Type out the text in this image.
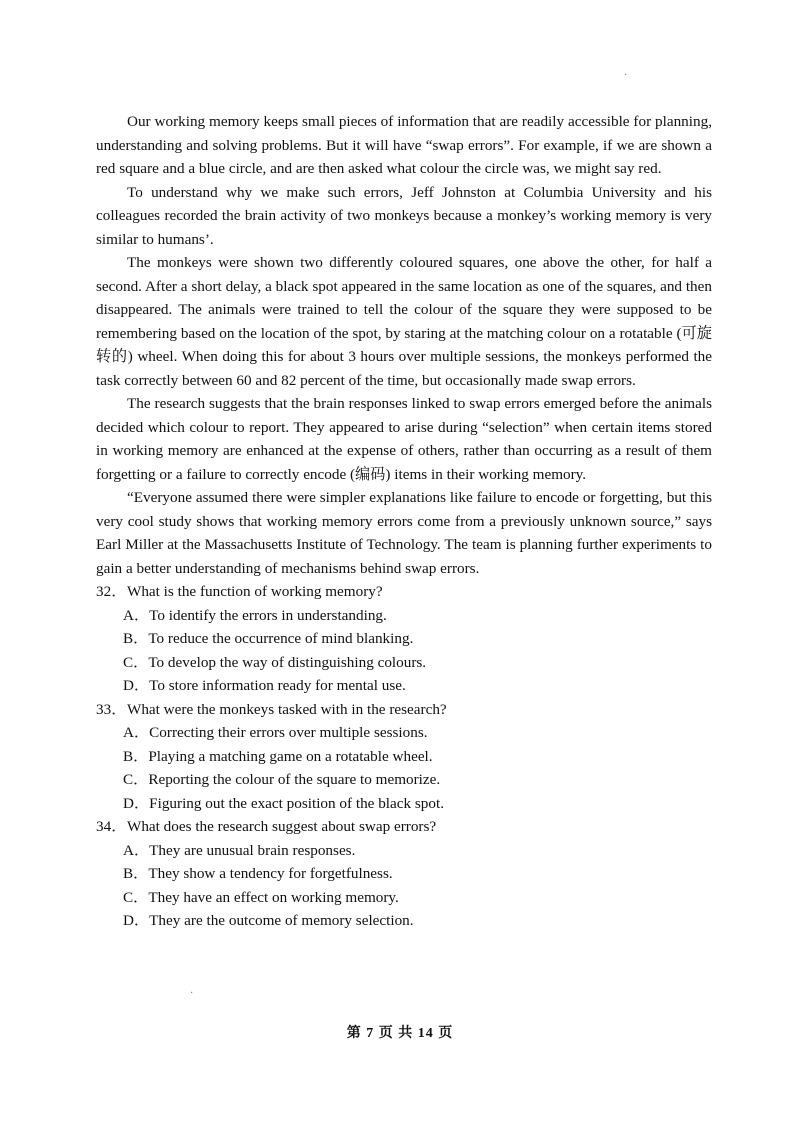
·

Our working memory keeps small pieces of information that are readily accessible for planning, understanding and solving problems. But it will have “swap errors”. For example, if we are shown a red square and a blue circle, and are then asked what colour the circle was, we might say red.

To understand why we make such errors, Jeff Johnston at Columbia University and his colleagues recorded the brain activity of two monkeys because a monkey’s working memory is very similar to humans’.

The monkeys were shown two differently coloured squares, one above the other, for half a second. After a short delay, a black spot appeared in the same location as one of the squares, and then disappeared. The animals were trained to tell the colour of the square they were supposed to be remembering based on the location of the spot, by staring at the matching colour on a rotatable (可旋转的) wheel. When doing this for about 3 hours over multiple sessions, the monkeys performed the task correctly between 60 and 82 percent of the time, but occasionally made swap errors.

The research suggests that the brain responses linked to swap errors emerged before the animals decided which colour to report. They appeared to arise during “selection” when certain items stored in working memory are enhanced at the expense of others, rather than occurring as a result of them forgetting or a failure to correctly encode (编码) items in their working memory.

“Everyone assumed there were simpler explanations like failure to encode or forgetting, but this very cool study shows that working memory errors come from a previously unknown source,” says Earl Miller at the Massachusetts Institute of Technology. The team is planning further experiments to gain a better understanding of mechanisms behind swap errors.

32．What is the function of working memory?
A．To identify the errors in understanding.
B．To reduce the occurrence of mind blanking.
C．To develop the way of distinguishing colours.
D．To store information ready for mental use.
33．What were the monkeys tasked with in the research?
A．Correcting their errors over multiple sessions.
B．Playing a matching game on a rotatable wheel.
C．Reporting the colour of the square to memorize.
D．Figuring out the exact position of the black spot.
34．What does the research suggest about swap errors?
A．They are unusual brain responses.
B．They show a tendency for forgetfulness.
C．They have an effect on working memory.
D．They are the outcome of memory selection.
·
第 7 页 共 14 页
